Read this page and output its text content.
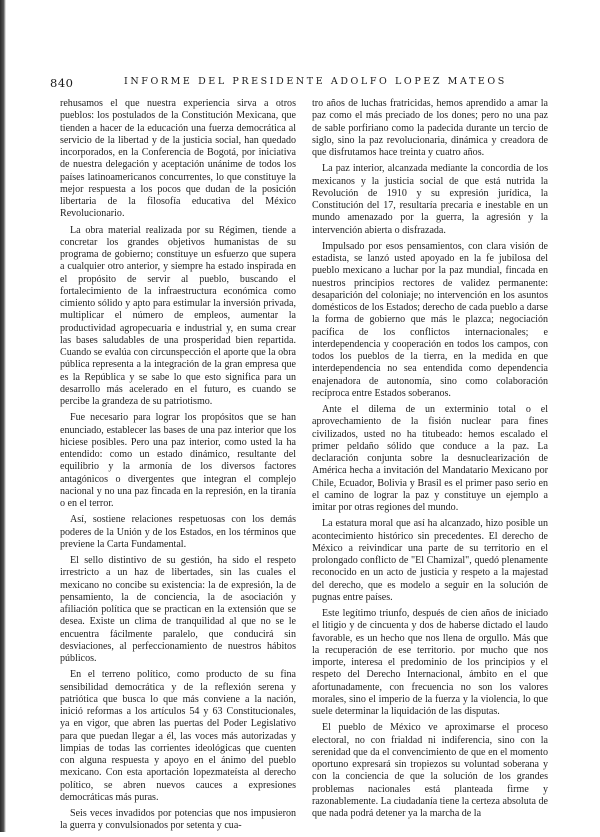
840	INFORME DEL PRESIDENTE ADOLFO LOPEZ MATEOS

rehusamos el que nuestra experiencia sirva a otros pueblos: los postulados de la Constitución Mexicana, que tienden a hacer de la educación una fuerza democrática al servicio de la libertad y de la justicia social, han quedado incorporados, en la Conferencia de Bogotá, por iniciativa de nuestra delegación y aceptación unánime de todos los países latinoamericanos concurrentes, lo que constituye la mejor respuesta a los pocos que dudan de la posición libertaria de la filosofía educativa del México Revolucionario.

La obra material realizada por su Régimen, tiende a concretar los grandes objetivos humanistas de su programa de gobierno; constituye un esfuerzo que supera a cualquier otro anterior, y siempre ha estado inspirada en el propósito de servir al pueblo, buscando el fortalecimiento de la infraestructura económica como cimiento sólido y apto para estimular la inversión privada, multiplicar el número de empleos, aumentar la productividad agropecuaria e industrial y, en suma crear las bases saludables de una prosperidad bien repartida. Cuando se evalúa con circunspección el aporte que la obra pública representa a la integración de la gran empresa que es la República y se sabe lo que esto significa para un desarrollo más acelerado en el futuro, es cuando se percibe la grandeza de su patriotismo.

Fue necesario para lograr los propósitos que se han enunciado, establecer las bases de una paz interior que los hiciese posibles. Pero una paz interior, como usted la ha entendido: como un estado dinámico, resultante del equilibrio y la armonía de los diversos factores antagónicos o divergentes que integran el complejo nacional y no una paz fincada en la represión, en la tiranía o en el terror.

Así, sostiene relaciones respetuosas con los demás poderes de la Unión y de los Estados, en los términos que previene la Carta Fundamental.

El sello distintivo de su gestión, ha sido el respeto irrestricto a un haz de libertades, sin las cuales el mexicano no concibe su existencia: la de expresión, la de pensamiento, la de conciencia, la de asociación y afiliación política que se practican en la extensión que se desea. Existe un clima de tranquilidad al que no se le encuentra fácilmente paralelo, que conducirá sin desviaciones, al perfeccionamiento de nuestros hábitos públicos.

En el terreno político, como producto de su fina sensibilidad democrática y de la reflexión serena y patriótica que busca lo que más conviene a la nación, inició reformas a los artículos 54 y 63 Constitucionales, ya en vigor, que abren las puertas del Poder Legislativo para que puedan llegar a él, las voces más autorizadas y limpias de todas las corrientes ideológicas que cuenten con alguna respuesta y apoyo en el ánimo del pueblo mexicano. Con esta aportación lopezmateísta al derecho político, se abren nuevos cauces a expresiones democráticas más puras.

Seis veces invadidos por potencias que nos impusieron la guerra y convulsionados por setenta y cua-

tro años de luchas fratricidas, hemos aprendido a amar la paz como el más preciado de los dones; pero no una paz de sable porfiriano como la padecida durante un tercio de siglo, sino la paz revolucionaria, dinámica y creadora de que disfrutamos hace treinta y cuatro años.

La paz interior, alcanzada mediante la concordia de los mexicanos y la justicia social de que está nutrida la Revolución de 1910 y su expresión jurídica, la Constitución del 17, resultaría precaria e inestable en un mundo amenazado por la guerra, la agresión y la intervención abierta o disfrazada.

Impulsado por esos pensamientos, con clara visión de estadista, se lanzó usted apoyado en la fe jubilosa del pueblo mexicano a luchar por la paz mundial, fincada en nuestros principios rectores de validez permanente: desaparición del coloniaje; no intervención en los asuntos domésticos de los Estados; derecho de cada pueblo a darse la forma de gobierno que más le plazca; negociación pacífica de los conflictos internacionales; e interdependencia y cooperación en todos los campos, con todos los pueblos de la tierra, en la medida en que interdependencia no sea entendida como dependencia enajenadora de autonomía, sino como colaboración recíproca entre Estados soberanos.

Ante el dilema de un exterminio total o el aprovechamiento de la fisión nuclear para fines civilizados, usted no ha titubeado: hemos escalado el primer peldaño sólido que conduce a la paz. La declaración conjunta sobre la desnuclearización de América hecha a invitación del Mandatario Mexicano por Chile, Ecuador, Bolivia y Brasil es el primer paso serio en el camino de lograr la paz y constituye un ejemplo a imitar por otras regiones del mundo.

La estatura moral que así ha alcanzado, hizo posible un acontecimiento histórico sin precedentes. El derecho de México a reivindicar una parte de su territorio en el prolongado conflicto de "El Chamizal", quedó plenamente reconocido en un acto de justicia y respeto a la majestad del derecho, que es modelo a seguir en la solución de pugnas entre países.

Este legítimo triunfo, después de cien años de iniciado el litigio y de cincuenta y dos de haberse dictado el laudo favorable, es un hecho que nos llena de orgullo. Más que la recuperación de ese territorio. por mucho que nos importe, interesa el predominio de los principios y el respeto del Derecho Internacional, ámbito en el que afortunadamente, con frecuencia no son los valores morales, sino el imperio de la fuerza y la violencia, lo que suele determinar la liquidación de las disputas.

El pueblo de México ve aproximarse el proceso electoral, no con frialdad ni indiferencia, sino con la serenidad que da el convencimiento de que en el momento oportuno expresará sin tropiezos su voluntad soberana y con la conciencia de que la solución de los grandes problemas nacionales está planteada firme y razonablemente. La ciudadanía tiene la certeza absoluta de que nada podrá detener ya la marcha de la
